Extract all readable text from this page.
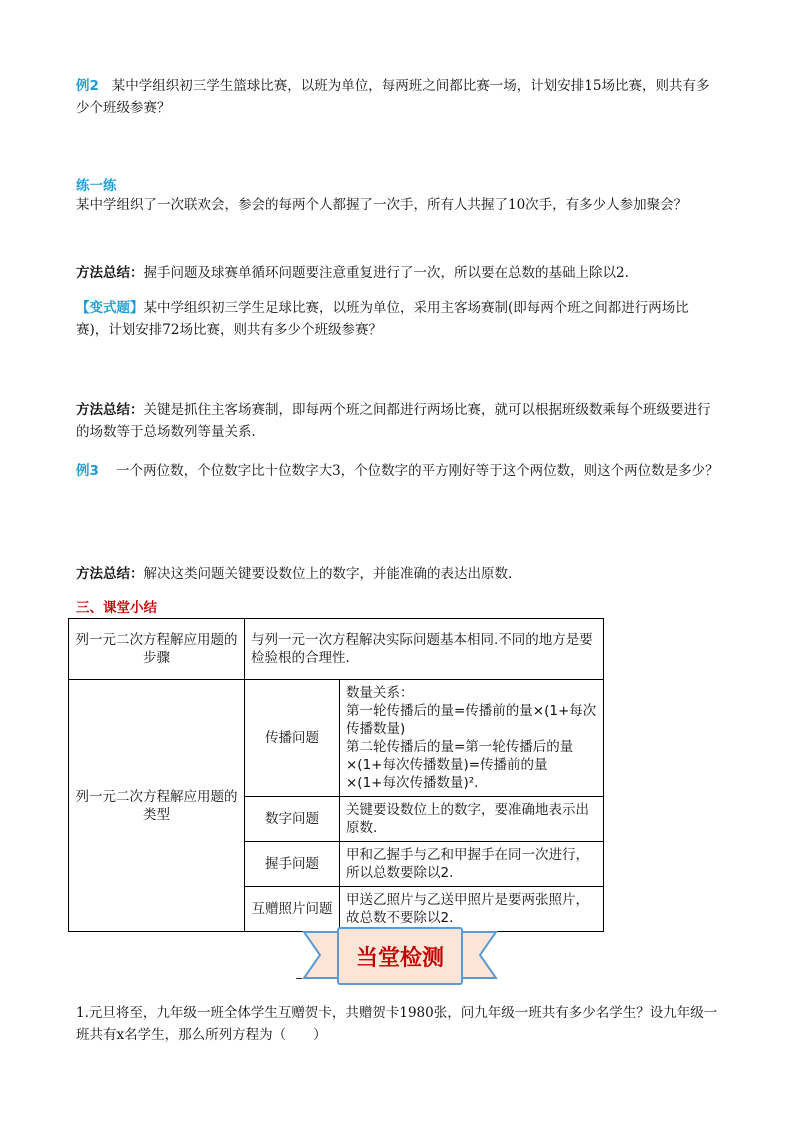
例2 某中学组织初三学生篮球比赛，以班为单位，每两班之间都比赛一场，计划安排15场比赛，则共有多少个班级参赛？
练一练
某中学组织了一次联欢会，参会的每两个人都握了一次手，所有人共握了10次手，有多少人参加聚会？
方法总结：握手问题及球赛单循环问题要注意重复进行了一次，所以要在总数的基础上除以2.
【变式题】某中学组织初三学生足球比赛，以班为单位，采用主客场赛制(即每两个班之间都进行两场比赛)，计划安排72场比赛，则共有多少个班级参赛？
方法总结：关键是抓住主客场赛制，即每两个班之间都进行两场比赛，就可以根据班级数乘每个班级要进行的场数等于总场数列等量关系.
例3 一个两位数，个位数字比十位数字大3，个位数字的平方刚好等于这个两位数，则这个两位数是多少？
方法总结：解决这类问题关键要设数位上的数字，并能准确的表达出原数.
三、课堂小结
列一元二次方程解应用题的步骤	与列一元一次方程解决实际问题基本相同.不同的地方是要检验根的合理性.	
列一元二次方程解应用题的类型	传播问题	数量关系：
第一轮传播后的量=传播前的量×(1+每次传播数量)
第二轮传播后的量=第一轮传播后的量×(1+每次传播数量)=传播前的量×(1+每次传播数量)².

	数字问题	关键要设数位上的数字，要准确地表示出原数.
	握手问题	甲和乙握手与乙和甲握手在同一次进行，所以总数要除以2.
	互赠照片问题	甲送乙照片与乙送甲照片是要两张照片，故总数不要除以2.
当堂检测
1.元旦将至，九年级一班全体学生互赠贺卡，共赠贺卡1980张，问九年级一班共有多少名学生？设九年级一班共有x名学生，那么所列方程为（　　）
